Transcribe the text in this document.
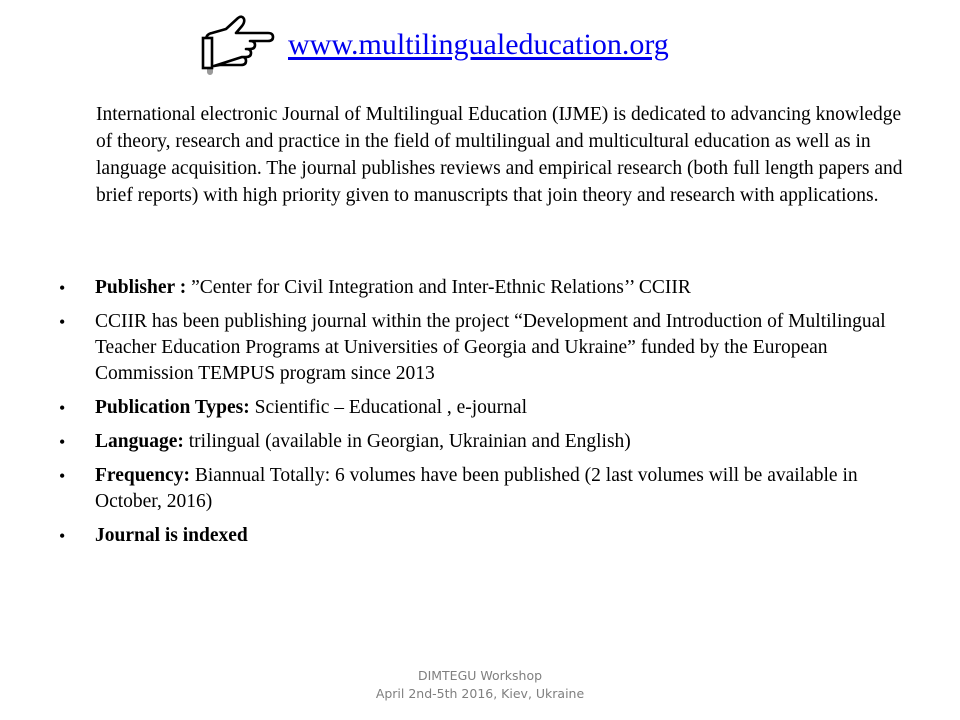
www.multilingualeducation.org

International electronic Journal of Multilingual Education (IJME) is dedicated to advancing knowledge of theory, research and practice in the field of multilingual and multicultural education as well as in language acquisition. The journal publishes reviews and empirical research (both full length papers and brief reports) with high priority given to manuscripts that join theory and research with applications.

•	Publisher : ”Center for Civil Integration and Inter-Ethnic Relations’’ CCIIR
•	CCIIR has been publishing journal within the project “Development and Introduction of Multilingual Teacher Education Programs at Universities of Georgia and Ukraine” funded by the European Commission TEMPUS program since 2013
•	Publication Types: Scientific – Educational , e-journal
•	Language: trilingual (available in Georgian, Ukrainian and English)
•	Frequency: Biannual Totally: 6 volumes have been published (2 last volumes will be available in October, 2016)
•	Journal is indexed
DIMTEGU Workshop
April 2nd-5th 2016, Kiev, Ukraine
